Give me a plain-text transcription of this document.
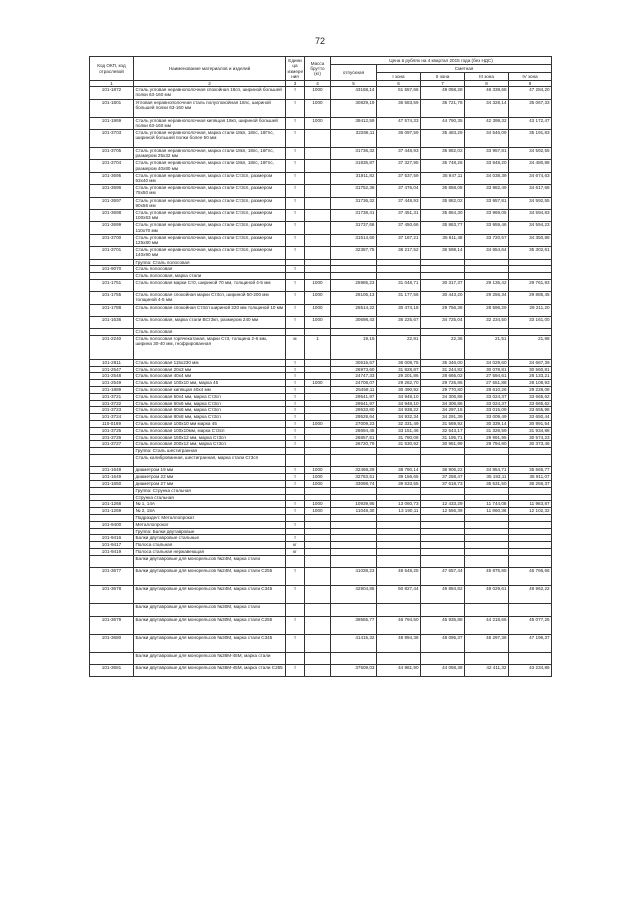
72
Код ОКП, код отраслевой	Наименование материалов и изделий	Едини ца измере ния	Масса брутто (кг)	Цена в рублях на 4 квартал 2015 года (без НДС)				
				отпускная	Сметная			
					I зона	II зона	III зона	IV зона
1	2	3	4	5	6	7	8	9
101-1872	Сталь угловая неравнополочная спокойная 18сп, шириной большей полки 63-160 мм	т	1000	43168,14	51 557,66	49 058,28	46 338,68	47 284,20
101-1801	Угловая неравнополочная сталь полуспокойная 18пс, шириной большей полки 63-160 мм	т	1000	30829,19	36 583,59	35 721,78	34 328,14	35 067,33
101-1869	Сталь угловая неравнополочная кипящая 18кп, шириной большей полки 63-160 мм	т	1000	39412,59	47 574,33	44 790,35	42 399,32	43 172,47
101-3703	Сталь угловая неравнополочная, марка стали 18кп, 18пс, 18Гпс, шириной большей полки более 50 мм	т		32286,11	36 097,59	35 483,29	34 546,09	35 191,83
101-3705	Сталь угловая неравнополочная, марка стали 18кп, 18пс, 18Гпс, размером 25х32 мм	т		31736,32	37 448,93	35 882,02	33 957,81	34 592,55
101-3704	Сталь угловая неравнополочная, марка стали 18кп, 18пс, 18Гпс, размером 40х80 мм	т		31835,87	37 327,95	35 748,26	33 848,20	34 480,88
101-3695	Сталь угловая неравнополочная, марка стали Ст3сп, размером 63х40 мм	т		31911,82	37 537,59	35 947,11	34 038,39	34 674,63
101-3696	Сталь угловая неравнополочная, марка стали Ст3сп, размером 75х50 мм	т		31752,36	37 476,04	35 858,08	33 982,49	34 617,68
101-3697	Сталь угловая неравнополочная, марка стали Ст3сп, размером 90х56 мм	т		31736,32	37 448,93	35 882,02	33 957,81	34 592,55
101-3698	Сталь угловая неравнополочная, марка стали Ст3сп, размером 100х63 мм	т		31738,41	37 451,31	35 864,30	33 969,05	34 594,83
101-3699	Сталь угловая неравнополочная, марка стали Ст3сп, размером 110х70 мм	т		31737,66	37 450,66	35 863,77	33 959,46	34 594,23
101-3700	Сталь угловая неравнополочная, марка стали Ст3сп, размером 125х80 мм	т		31514,60	37 187,21	35 611,48	33 720,57	34 350,88
101-3701	Сталь угловая неравнополочная, марка стали Ст3сп, размером 140х90 мм	т		32387,75	38 217,52	36 598,14	34 654,64	35 302,61
	Группа: Сталь полосовая							
101-9070	Сталь полосовая	т						
	Сталь полосовая, марка стали							
101-1751	Сталь полосовая марки Ст0, шириной 70 мм, толщиной 4-5 мм	т	1000	25985,23	31 048,71	30 317,37	29 135,42	29 761,93
101-1755	Сталь полосовая спокойная марки Ст3сп, шириной 50-200 мм толщиной 4-5 мм	т	1000	26105,13	31 177,56	30 443,20	29 256,34	29 885,45
101-1788	Сталь полосовая спокойная Ст3сп шириной 220 мм толщиной 10 мм	т	1000	25514,22	30 474,18	29 756,36	28 596,29	29 211,20
101-1636	Сталь полосовая, марка стали ВСт3кп, размером 240 мм	т	1000	30698,43	36 225,67	34 725,04	32 234,50	33 161,00
	Сталь полосовая							
101-2240	Сталь полосовая горячекатаная, марки Ст3, толщина 2-6 мм, ширина 30-40 мм, гнофрированная	м	1	19,15	22,91	22,36	21,51	21,98
101-2811	Сталь полосовая 115х230 мм	т		30515,67	36 008,75	35 346,00	34 029,60	34 667,39
101-2547	Сталь полосовая 20х3 мм	т		26973,60	31 828,87	31 244,82	30 078,81	30 560,81
101-2548	Сталь полосовая 40х4 мм	т		24747,33	29 201,86	28 666,02	27 594,61	28 133,21
101-2549	Сталь полосовая 100х10 мм, марка 45	т	1000	24708,07	29 262,70	29 726,86	27 551,88	28 108,93
101-1889	Сталь полосовая кипящая 40х4 мм	т		25459,11	30 490,92	29 770,80	28 610,26	29 228,08
101-3721	Сталь полосовая 50х4 мм, марка Ст3сп	т		29541,97	34 948,10	34 306,86	33 024,37	33 665,62
101-3722	Сталь полосовая 60х6 мм, марка Ст3сп	т		29541,97	34 948,10	34 306,86	33 024,37	33 665,62
101-3723	Сталь полосовая 60х6 мм, марка Ст3сп	т		29533,80	34 938,22	34 297,15	33 015,09	33 655,98
101-3724	Сталь полосовая 80х8 мм, марка Ст3сп	т		29528,64	34 932,34	34 291,39	33 009,49	33 650,44
110-0169	Сталь полосовая 100х10 мм марка 45	т	1000	27009,23	32 331,49	31 569,92	30 339,14	30 991,54
101-3725	Сталь полосовая 100х10мм, марка Ст3сп	т		28694,45	33 151,46	32 543,17	31 326,59	31 934,88
101-3726	Сталь полосовая 150х12 мм, марка Ст3сп	т		26857,51	31 780,08	31 195,71	29 991,95	30 574,23
101-3727	Сталь полосовая 200х12 мм, марка Ст3сп	т		26720,79	31 530,92	30 951,99	29 794,80	30 373,46
	Группа: Сталь шестигранная							
	Сталь калиброванная, шестигранная, марка стали Ст3сп							
101-1648	диаметром 19 мм	т	1000	32468,29	38 780,14	36 906,22	34 854,71	35 565,77
101-1649	диаметром 22 мм	т	1000	32783,51	39 156,65	37 258,47	35 193,11	35 911,07
101-1650	диаметром 27 мм	т	1000	33088,74	39 533,55	37 618,73	35 531,50	36 256,37
	Группа: Струнка стальная							
	Струнка стальная							
101-1268	№ 1, 14А	т	1000	10939,95	13 060,73	12 433,29	11 744,08	11 983,87
101-1269	№ 2, 15А	т	1000	11048,30	13 190,11	12 556,39	11 860,36	12 102,32
	Подраздел: Металлопрокат							
101-9400	Металлопрокат	т						
	Группа: Балки двутавровые							
101-9416	Балки двутавровые стальные	т						
101-9417	Полоса стальная	кг						
101-9419	Полоса стальная нержавеющая	кг						
	Балки двутавровые для монорельсов №24М, марка стали							
101-3677	Балки двутавровые для монорельсов №24М, марка стали С255	т		41038,23	48 548,25	47 657,44	45 875,85	46 766,66
101-3678	Балки двутавровые для монорельсов №24М, марка стали С345	т		42904,85	50 827,44	49 894,82	48 029,61	48 962,22
	Балки двутавровые для монорельсов №30М, марка стали							
101-3679	Балки двутавровые для монорельсов №30М, марка стали С255	т		39555,77	46 794,50	45 935,88	44 218,66	45 077,25
101-3680	Балки двутавровые для монорельсов №30М, марка стали С345	т		41415,32	48 994,38	48 095,37	46 297,38	47 196,37
	Балки двутавровые для монорельсов №36М-45М, марка стали							
101-3681	Балки двутавровые для монорельсов №36М-45М, марка стали С255	т		37509,03	44 981,90	44 058,38	42 411,32	43 234,86
